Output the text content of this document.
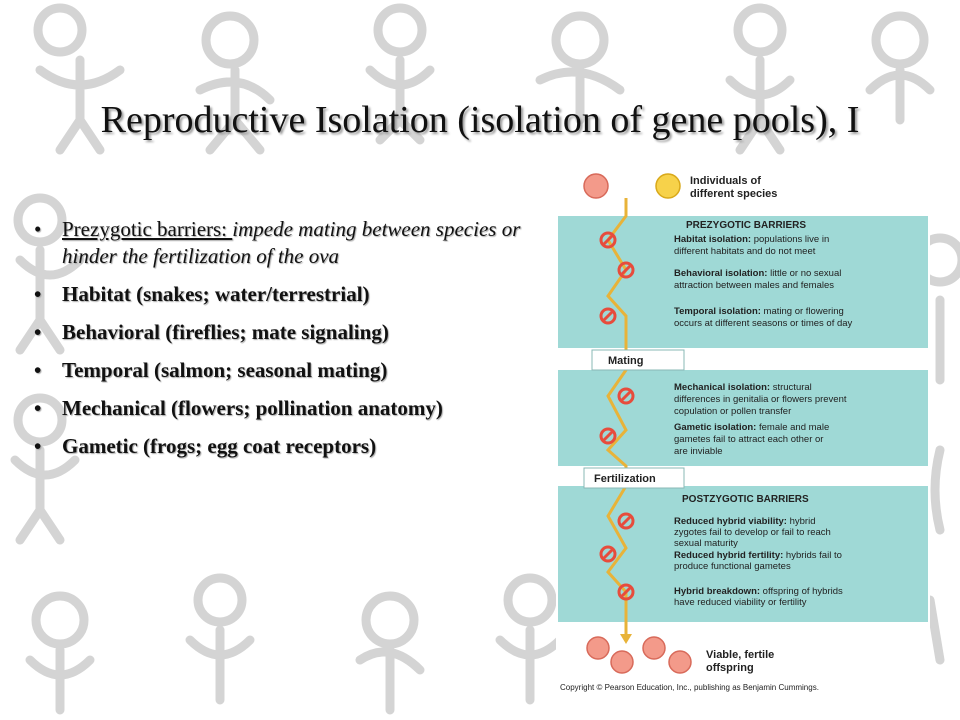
Reproductive Isolation (isolation of gene pools), I
• Prezygotic barriers: impede mating between species or hinder the fertilization of the ova
• Habitat (snakes; water/terrestrial)
• Behavioral (fireflies; mate signaling)
• Temporal (salmon; seasonal mating)
• Mechanical (flowers; pollination anatomy)
• Gametic (frogs; egg coat receptors)
Individuals of
different species
PREZYGOTIC BARRIERS
Habitat isolation: populations live in
different habitats and do not meet
Behavioral isolation: little or no sexual
attraction between males and females
Temporal isolation: mating or flowering
occurs at different seasons or times of day
Mating
Mechanical isolation: structural
differences in genitalia or flowers prevent
copulation or pollen transfer
Gametic isolation: female and male
gametes fail to attract each other or
are inviable
Fertilization
POSTZYGOTIC BARRIERS
Reduced hybrid viability: hybrid
zygotes fail to develop or fail to reach
sexual maturity
Reduced hybrid fertility: hybrids fail to
produce functional gametes
Hybrid breakdown: offspring of hybrids
have reduced viability or fertility
Viable, fertile
offspring
Copyright © Pearson Education, Inc., publishing as Benjamin Cummings.
